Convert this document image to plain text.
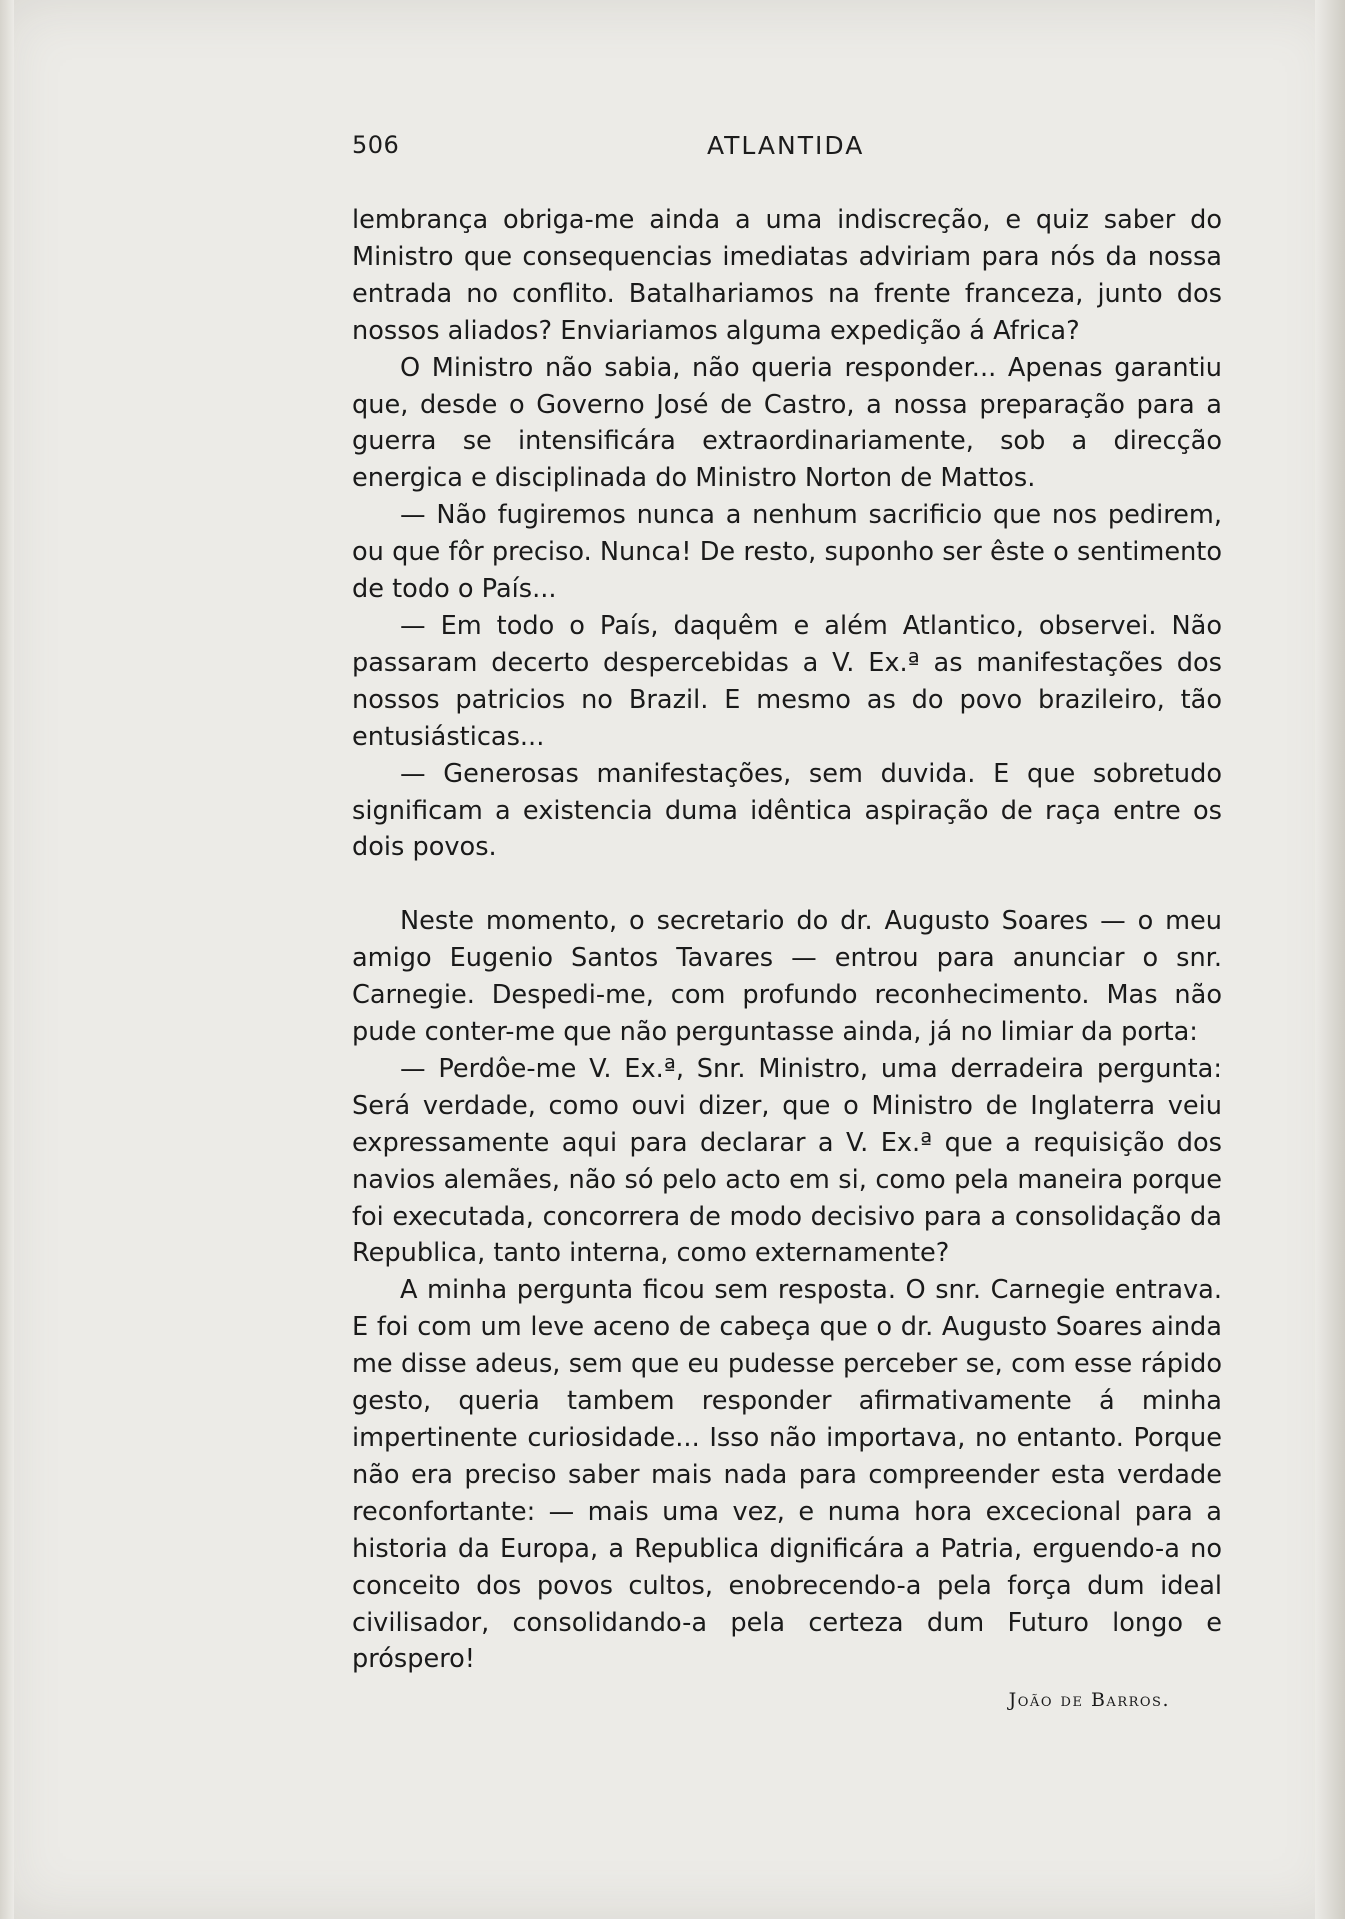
506	ATLANTIDA

lembrança obriga-me ainda a uma indiscreção, e quiz saber do Ministro que consequencias imediatas adviriam para nós da nossa entrada no conflito. Batalhariamos na frente franceza, junto dos nossos aliados? Enviariamos alguma expedição á Africa?

O Ministro não sabia, não queria responder... Apenas garantiu que, desde o Governo José de Castro, a nossa preparação para a guerra se intensificára extraordinariamente, sob a direcção energica e disciplinada do Ministro Norton de Mattos.

— Não fugiremos nunca a nenhum sacrificio que nos pedirem, ou que fôr preciso. Nunca! De resto, suponho ser êste o sentimento de todo o País...

— Em todo o País, daquêm e além Atlantico, observei. Não passaram decerto despercebidas a V. Ex.ª as manifestações dos nossos patricios no Brazil. E mesmo as do povo brazileiro, tão entusiásticas...

— Generosas manifestações, sem duvida. E que sobretudo significam a existencia duma idêntica aspiração de raça entre os dois povos.

Neste momento, o secretario do dr. Augusto Soares — o meu amigo Eugenio Santos Tavares — entrou para anunciar o snr. Carnegie. Despedi-me, com profundo reconhecimento. Mas não pude conter-me que não perguntasse ainda, já no limiar da porta:

— Perdôe-me V. Ex.ª, Snr. Ministro, uma derradeira pergunta: Será verdade, como ouvi dizer, que o Ministro de Inglaterra veiu expressamente aqui para declarar a V. Ex.ª que a requisição dos navios alemães, não só pelo acto em si, como pela maneira porque foi executada, concorrera de modo decisivo para a consolidação da Republica, tanto interna, como externamente?

A minha pergunta ficou sem resposta. O snr. Carnegie entrava. E foi com um leve aceno de cabeça que o dr. Augusto Soares ainda me disse adeus, sem que eu pudesse perceber se, com esse rápido gesto, queria tambem responder afirmativamente á minha impertinente curiosidade... Isso não importava, no entanto. Porque não era preciso saber mais nada para compreender esta verdade reconfortante: — mais uma vez, e numa hora excecional para a historia da Europa, a Republica dignificára a Patria, erguendo-a no conceito dos povos cultos, enobrecendo-a pela força dum ideal civilisador, consolidando-a pela certeza dum Futuro longo e próspero!

João de Barros.
